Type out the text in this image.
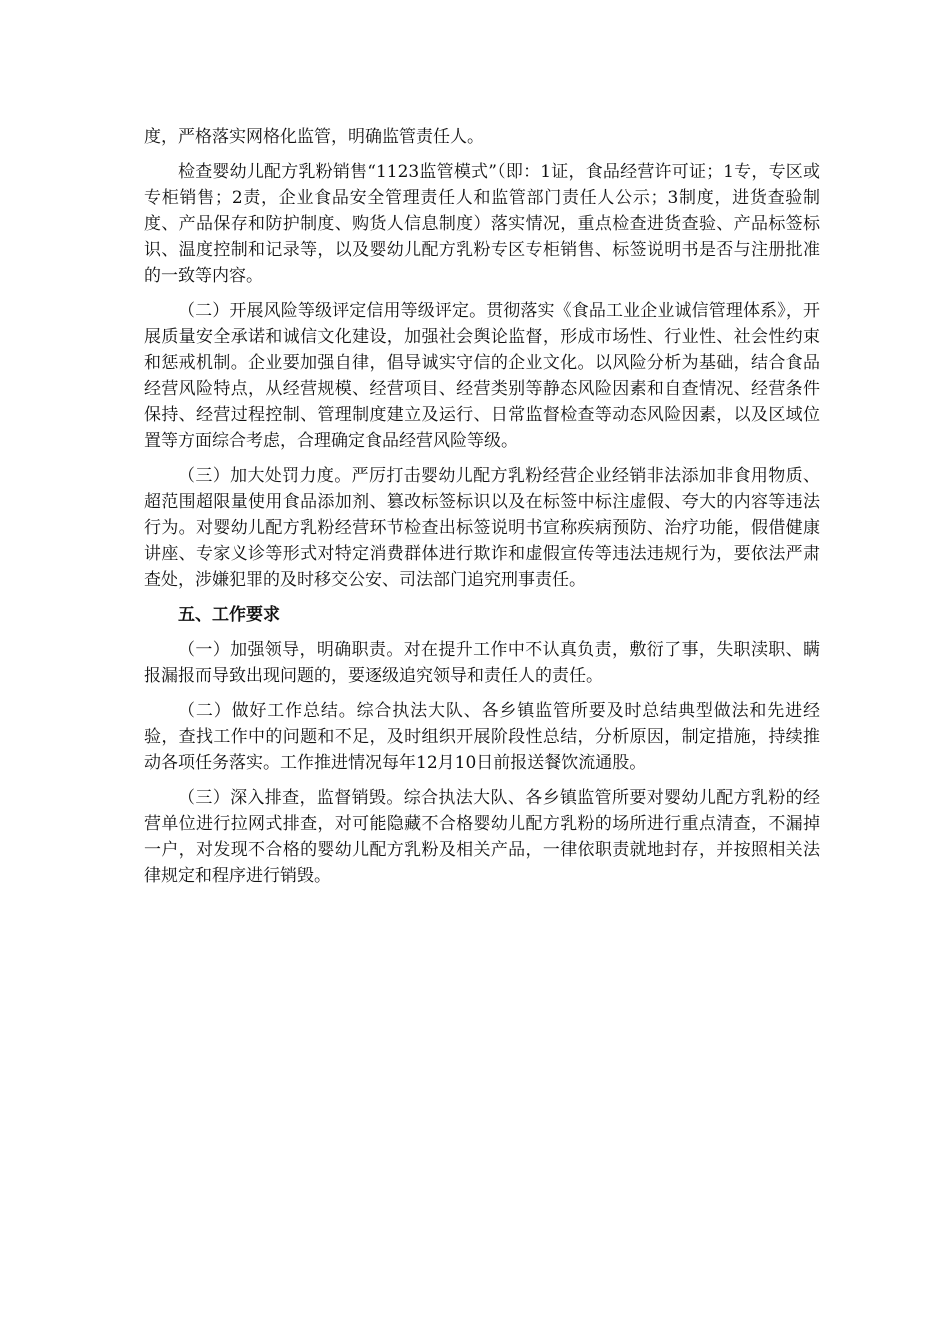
度，严格落实网格化监管，明确监管责任人。

检查婴幼儿配方乳粉销售“1123监管模式”（即：1证，食品经营许可证；1专，专区或专柜销售；2责，企业食品安全管理责任人和监管部门责任人公示；3制度，进货查验制度、产品保存和防护制度、购货人信息制度）落实情况，重点检查进货查验、产品标签标识、温度控制和记录等，以及婴幼儿配方乳粉专区专柜销售、标签说明书是否与注册批准的一致等内容。

（二）开展风险等级评定信用等级评定。贯彻落实《食品工业企业诚信管理体系》，开展质量安全承诺和诚信文化建设，加强社会舆论监督，形成市场性、行业性、社会性约束和惩戒机制。企业要加强自律，倡导诚实守信的企业文化。以风险分析为基础，结合食品经营风险特点，从经营规模、经营项目、经营类别等静态风险因素和自查情况、经营条件保持、经营过程控制、管理制度建立及运行、日常监督检查等动态风险因素，以及区域位置等方面综合考虑，合理确定食品经营风险等级。

（三）加大处罚力度。严厉打击婴幼儿配方乳粉经营企业经销非法添加非食用物质、超范围超限量使用食品添加剂、篡改标签标识以及在标签中标注虚假、夸大的内容等违法行为。对婴幼儿配方乳粉经营环节检查出标签说明书宣称疾病预防、治疗功能，假借健康讲座、专家义诊等形式对特定消费群体进行欺诈和虚假宣传等违法违规行为，要依法严肃查处，涉嫌犯罪的及时移交公安、司法部门追究刑事责任。

五、工作要求

（一）加强领导，明确职责。对在提升工作中不认真负责，敷衍了事，失职渎职、瞒报漏报而导致出现问题的，要逐级追究领导和责任人的责任。

（二）做好工作总结。综合执法大队、各乡镇监管所要及时总结典型做法和先进经验，查找工作中的问题和不足，及时组织开展阶段性总结，分析原因，制定措施，持续推动各项任务落实。工作推进情况每年12月10日前报送餐饮流通股。

（三）深入排查，监督销毁。综合执法大队、各乡镇监管所要对婴幼儿配方乳粉的经营单位进行拉网式排查，对可能隐藏不合格婴幼儿配方乳粉的场所进行重点清查，不漏掉一户，对发现不合格的婴幼儿配方乳粉及相关产品，一律依职责就地封存，并按照相关法律规定和程序进行销毁。
